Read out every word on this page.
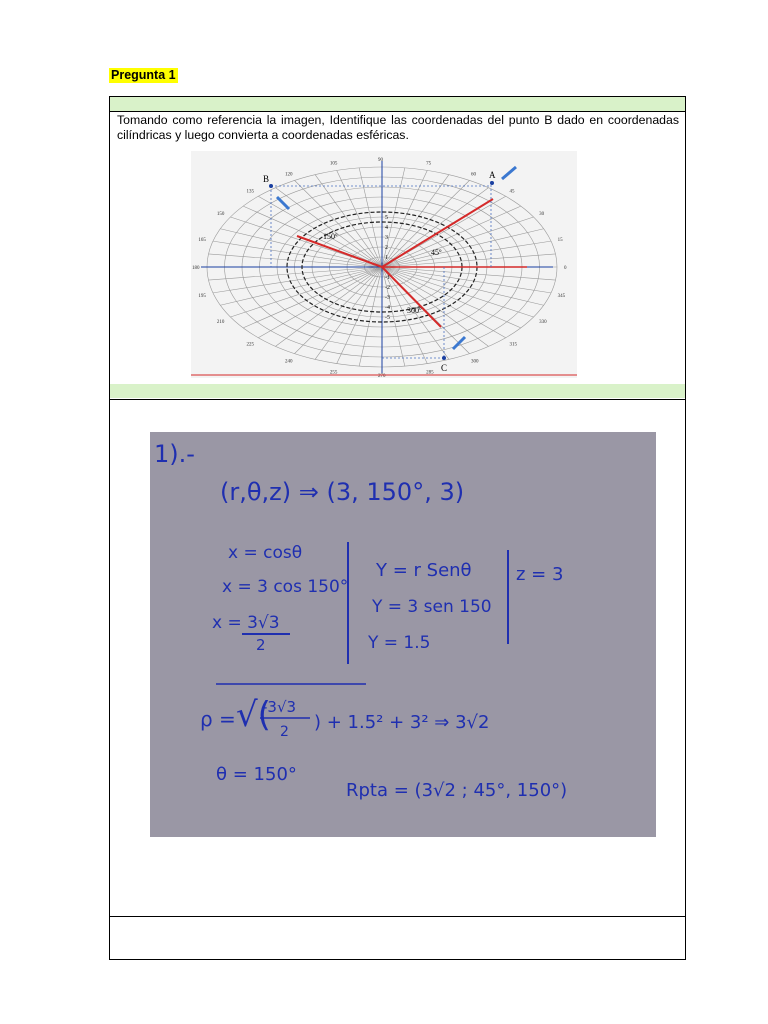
Pregunta 1
Tomando como referencia la imagen, Identifique las coordenadas del punto B dado en coordenadas cilíndricas y luego convierta a coordenadas esféricas.
B	A
C
150º
45º
300º
90
105	75
120	60
135	45
150	30
165	15
180	0
195	345
210	330
225	315
240	300
255	285
270
5
4
3
2
1
-1
-2
-3
-4
-5
1).-
(r,θ,z) ⇒ (3, 150°, 3)
x = cosθ
x = 3 cos 150°
x = 3√3
2
Y = r Senθ
Y = 3 sen 150
Y = 1.5
z = 3
ρ = √(
-3√3
2 ) + 1.5² + 3² ⇒ 3√2
θ = 150°
Rpta = (3√2 ; 45°, 150°)
